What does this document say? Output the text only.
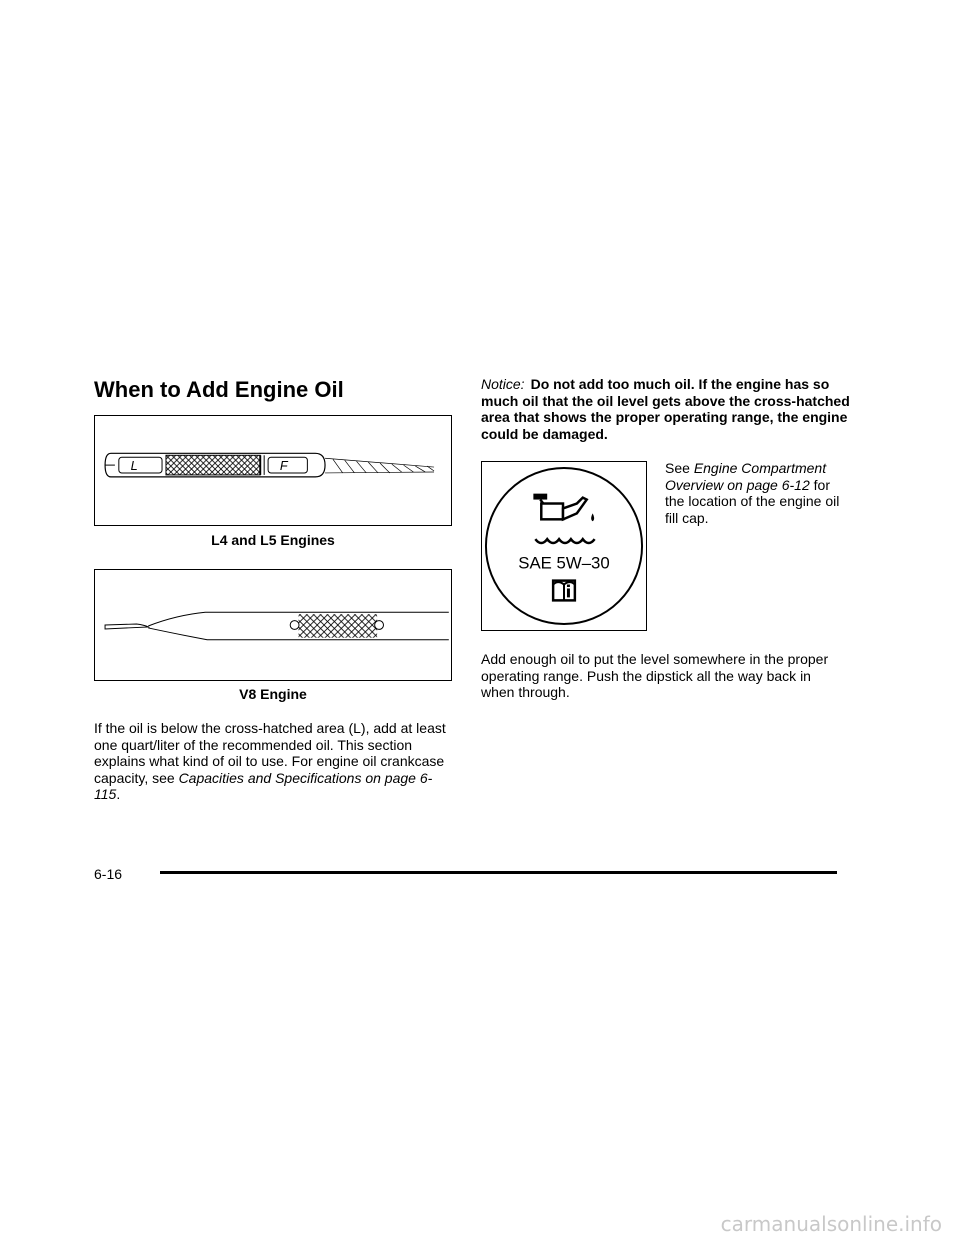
When to Add Engine Oil
L	F
L4 and L5 Engines
V8 Engine
If the oil is below the cross-hatched area (L), add at least one quart/liter of the recommended oil. This section explains what kind of oil to use. For engine oil crankcase capacity, see Capacities and Specifications on page 6-115.
Notice: Do not add too much oil. If the engine has so much oil that the oil level gets above the cross-hatched area that shows the proper operating range, the engine could be damaged.
SAE 5W–30
See Engine Compartment Overview on page 6-12 for the location of the engine oil fill cap.
Add enough oil to put the level somewhere in the proper operating range. Push the dipstick all the way back in when through.
6-16
carmanualsonline.info
